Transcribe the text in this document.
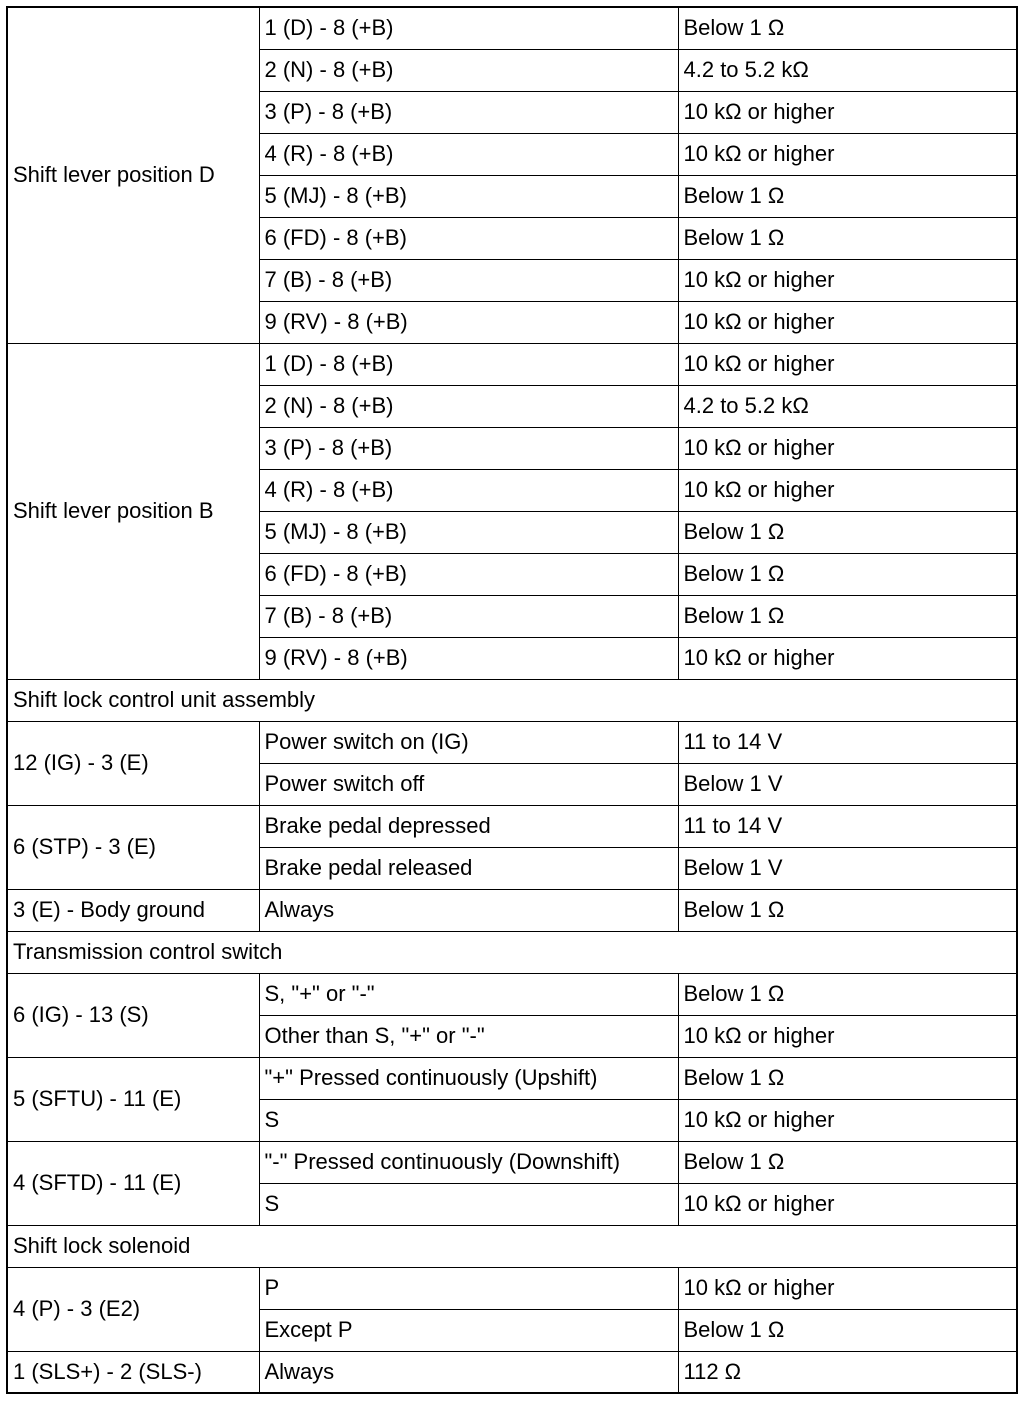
Shift lever position D	1 (D) - 8 (+B)	Below 1 Ω
	2 (N) - 8 (+B)	4.2 to 5.2 kΩ
	3 (P) - 8 (+B)	10 kΩ or higher
	4 (R) - 8 (+B)	10 kΩ or higher
	5 (MJ) - 8 (+B)	Below 1 Ω
	6 (FD) - 8 (+B)	Below 1 Ω
	7 (B) - 8 (+B)	10 kΩ or higher
	9 (RV) - 8 (+B)	10 kΩ or higher
Shift lever position B	1 (D) - 8 (+B)	10 kΩ or higher
	2 (N) - 8 (+B)	4.2 to 5.2 kΩ
	3 (P) - 8 (+B)	10 kΩ or higher
	4 (R) - 8 (+B)	10 kΩ or higher
	5 (MJ) - 8 (+B)	Below 1 Ω
	6 (FD) - 8 (+B)	Below 1 Ω
	7 (B) - 8 (+B)	Below 1 Ω
	9 (RV) - 8 (+B)	10 kΩ or higher
Shift lock control unit assembly		
12 (IG) - 3 (E)	Power switch on (IG)	11 to 14 V
	Power switch off	Below 1 V
6 (STP) - 3 (E)	Brake pedal depressed	11 to 14 V
	Brake pedal released	Below 1 V
3 (E) - Body ground	Always	Below 1 Ω
Transmission control switch		
6 (IG) - 13 (S)	S, "+" or "-"	Below 1 Ω
	Other than S, "+" or "-"	10 kΩ or higher
5 (SFTU) - 11 (E)	"+" Pressed continuously (Upshift)	Below 1 Ω
	S	10 kΩ or higher
4 (SFTD) - 11 (E)	"-" Pressed continuously (Downshift)	Below 1 Ω
	S	10 kΩ or higher
Shift lock solenoid		
4 (P) - 3 (E2)	P	10 kΩ or higher
	Except P	Below 1 Ω
1 (SLS+) - 2 (SLS-)	Always	112 Ω
